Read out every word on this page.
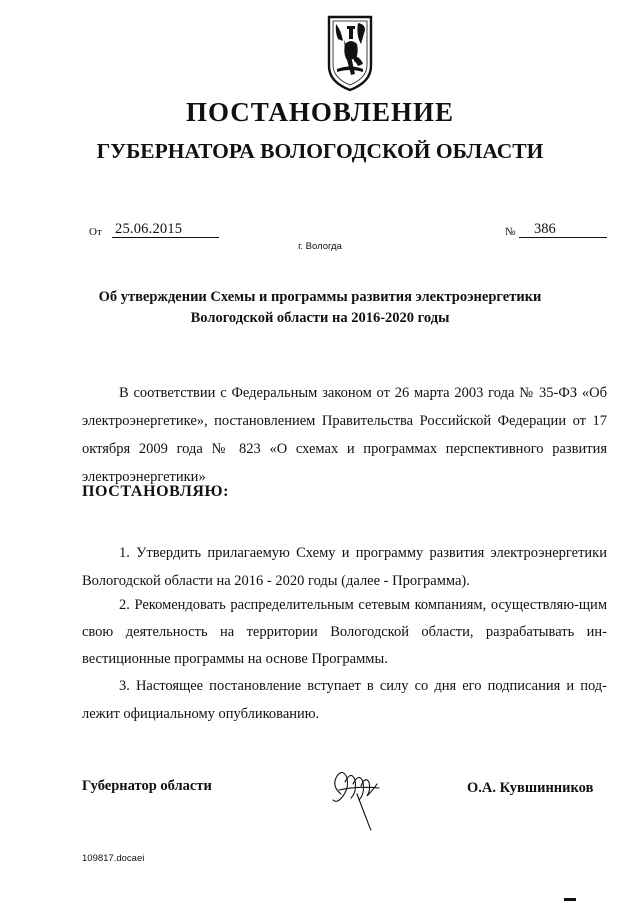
ПОСТАНОВЛЕНИЕ
ГУБЕРНАТОРА ВОЛОГОДСКОЙ ОБЛАСТИ
От 25.06.2015	№	386
г. Вологда

Об утверждении Схемы и программы развития электроэнергетики
Вологодской области на 2016-2020 годы

В соответствии с Федеральным законом от 26 марта 2003 года № 35-ФЗ «Об электроэнергетике», постановлением Правительства Российской Федерации от 17 октября 2009 года № 823 «О схемах и программах перспективного развития электроэнергетики»

ПОСТАНОВЛЯЮ:

1. Утвердить прилагаемую Схему и программу развития электроэнергетики Вологодской области на 2016 - 2020 годы (далее - Программа).

2. Рекомендовать распределительным сетевым компаниям, осуществляю-щим свою деятельность на территории Вологодской области, разрабатывать ин-вестиционные программы на основе Программы.

3. Настоящее постановление вступает в силу со дня его подписания и под-лежит официальному опубликованию.

Губернатор области	О.А. Кувшинников

109817.docaei
